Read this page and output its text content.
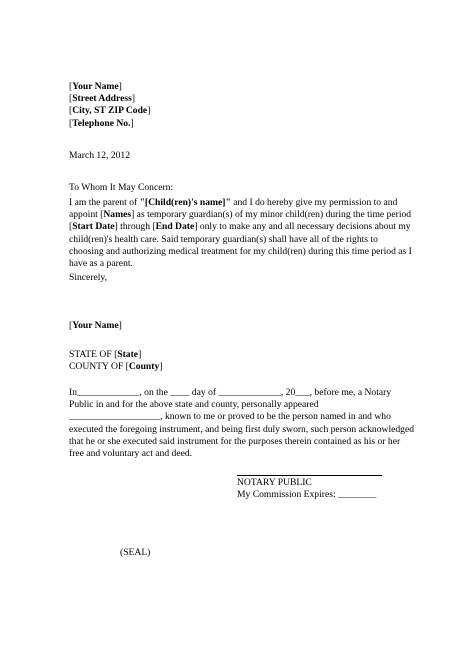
[Your Name]
[Street Address]
[City, ST ZIP Code]
[Telephone No.]
March 12, 2012
To Whom It May Concern:
I am the parent of "[Child(ren)'s name]" and I do hereby give my permission to and
appoint [Names] as temporary guardian(s) of my minor child(ren) during the time period
[Start Date] through [End Date] only to make any and all necessary decisions about my
child(ren)'s health care. Said temporary guardian(s) shall have all of the rights to
choosing and authorizing medical treatment for my child(ren) during this time period as I
have as a parent.
Sincerely,
[Your Name]
STATE OF [State]
COUNTY OF [County]
In_____________, on the ____ day of _____________, 20___, before me, a Notary
Public in and for the above state and county, personally appeared
___________________, known to me or proved to be the person named in and who
executed the foregoing instrument, and being first duly sworn, such person acknowledged
that he or she executed said instrument for the purposes therein contained as his or her
free and voluntary act and deed.
NOTARY PUBLIC
My Commission Expires: ________
(SEAL)
